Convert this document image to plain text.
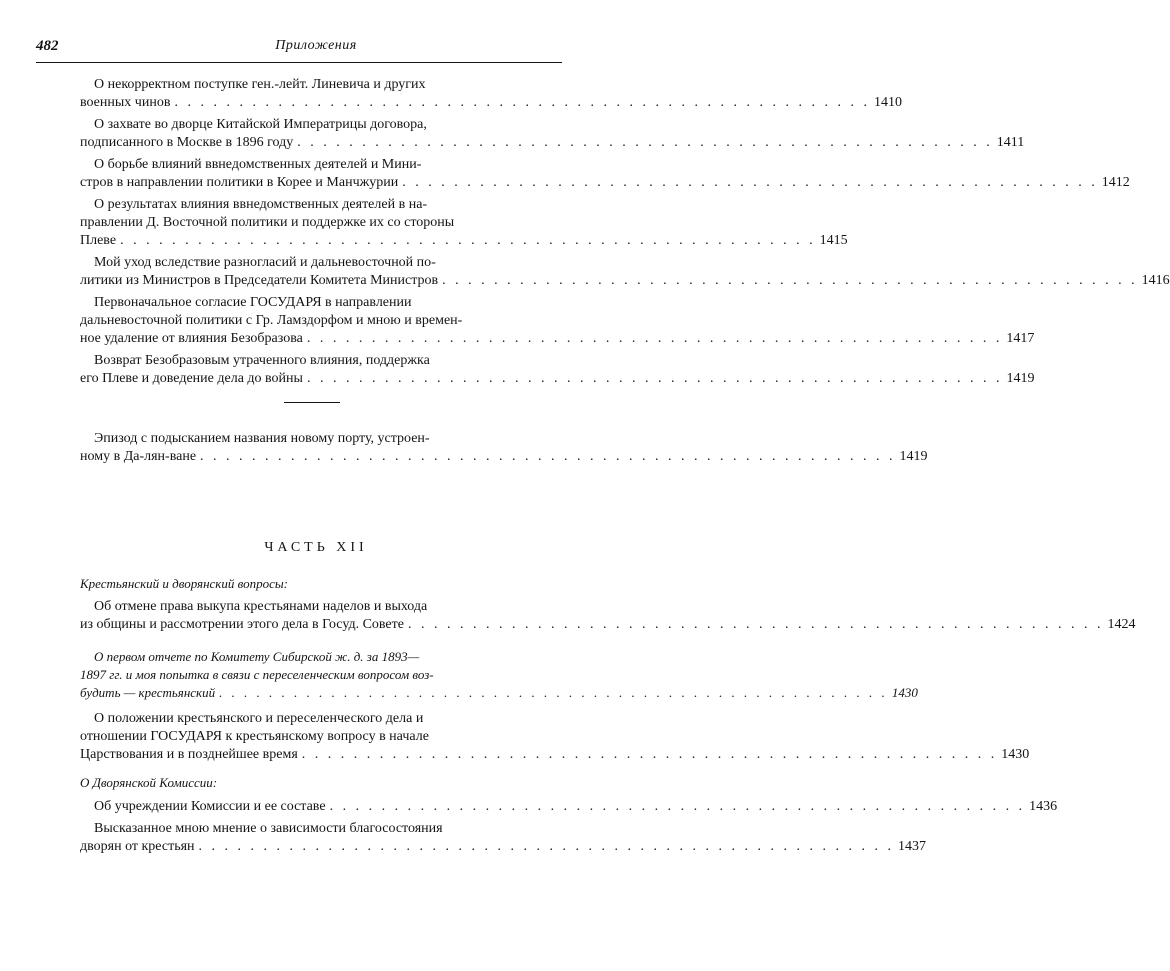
482	Приложения
О некорректном поступке ген.-лейт. Линевича и других
военных чинов . . . . . . . . . . . . . . . . . . . . . . . . . . . . . . . . . . . . . . . . . . . . . . . . . . . . . . 1410
О захвате во дворце Китайской Императрицы договора,
подписанного в Москве в 1896 году . . . . . . . . . . . . . . . . . . . . . . . . . . . . . . . . . . . . . . . . . . . . . . . . . . . . . . 1411
О борьбе влияний ввнедомственных деятелей и Мини-
стров в направлении политики в Корее и Манчжурии . . . . . . . . . . . . . . . . . . . . . . . . . . . . . . . . . . . . . . . . . . . . . . . . . . . . . . 1412
О результатах влияния ввнедомственных деятелей в на-
правлении Д. Восточной политики и поддержке их со стороны
Плеве . . . . . . . . . . . . . . . . . . . . . . . . . . . . . . . . . . . . . . . . . . . . . . . . . . . . . . 1415
Мой уход вследствие разногласий и дальневосточной по-
литики из Министров в Председатели Комитета Министров . . . . . . . . . . . . . . . . . . . . . . . . . . . . . . . . . . . . . . . . . . . . . . . . . . . . . . 1416
Первоначальное согласие ГОСУДАРЯ в направлении
дальневосточной политики с Гр. Ламздорфом и мною и времен-
ное удаление от влияния Безобразова . . . . . . . . . . . . . . . . . . . . . . . . . . . . . . . . . . . . . . . . . . . . . . . . . . . . . . 1417
Возврат Безобразовым утраченного влияния, поддержка
его Плеве и доведение дела до войны . . . . . . . . . . . . . . . . . . . . . . . . . . . . . . . . . . . . . . . . . . . . . . . . . . . . . . 1419
Эпизод с подысканием названия новому порту, устроен-
ному в Да-лян-ване . . . . . . . . . . . . . . . . . . . . . . . . . . . . . . . . . . . . . . . . . . . . . . . . . . . . . . 1419
ЧАСТЬ XII
Крестьянский и дворянский вопросы:
Об отмене права выкупа крестьянами наделов и выхода
из общины и рассмотрении этого дела в Госуд. Совете . . . . . . . . . . . . . . . . . . . . . . . . . . . . . . . . . . . . . . . . . . . . . . . . . . . . . . 1424
О первом отчете по Комитету Сибирской ж. д. за 1893—
1897 гг. и моя попытка в связи с переселенческим вопросом воз-
будить — крестьянский . . . . . . . . . . . . . . . . . . . . . . . . . . . . . . . . . . . . . . . . . . . . . . . . . . . . . . 1430
О положении крестьянского и переселенческого дела и
отношении ГОСУДАРЯ к крестьянскому вопросу в начале
Царствования и в позднейшее время . . . . . . . . . . . . . . . . . . . . . . . . . . . . . . . . . . . . . . . . . . . . . . . . . . . . . . 1430
О Дворянской Комиссии:
Об учреждении Комиссии и ее составе . . . . . . . . . . . . . . . . . . . . . . . . . . . . . . . . . . . . . . . . . . . . . . . . . . . . . . 1436
Высказанное мною мнение о зависимости благосостояния
дворян от крестьян . . . . . . . . . . . . . . . . . . . . . . . . . . . . . . . . . . . . . . . . . . . . . . . . . . . . . . 1437
